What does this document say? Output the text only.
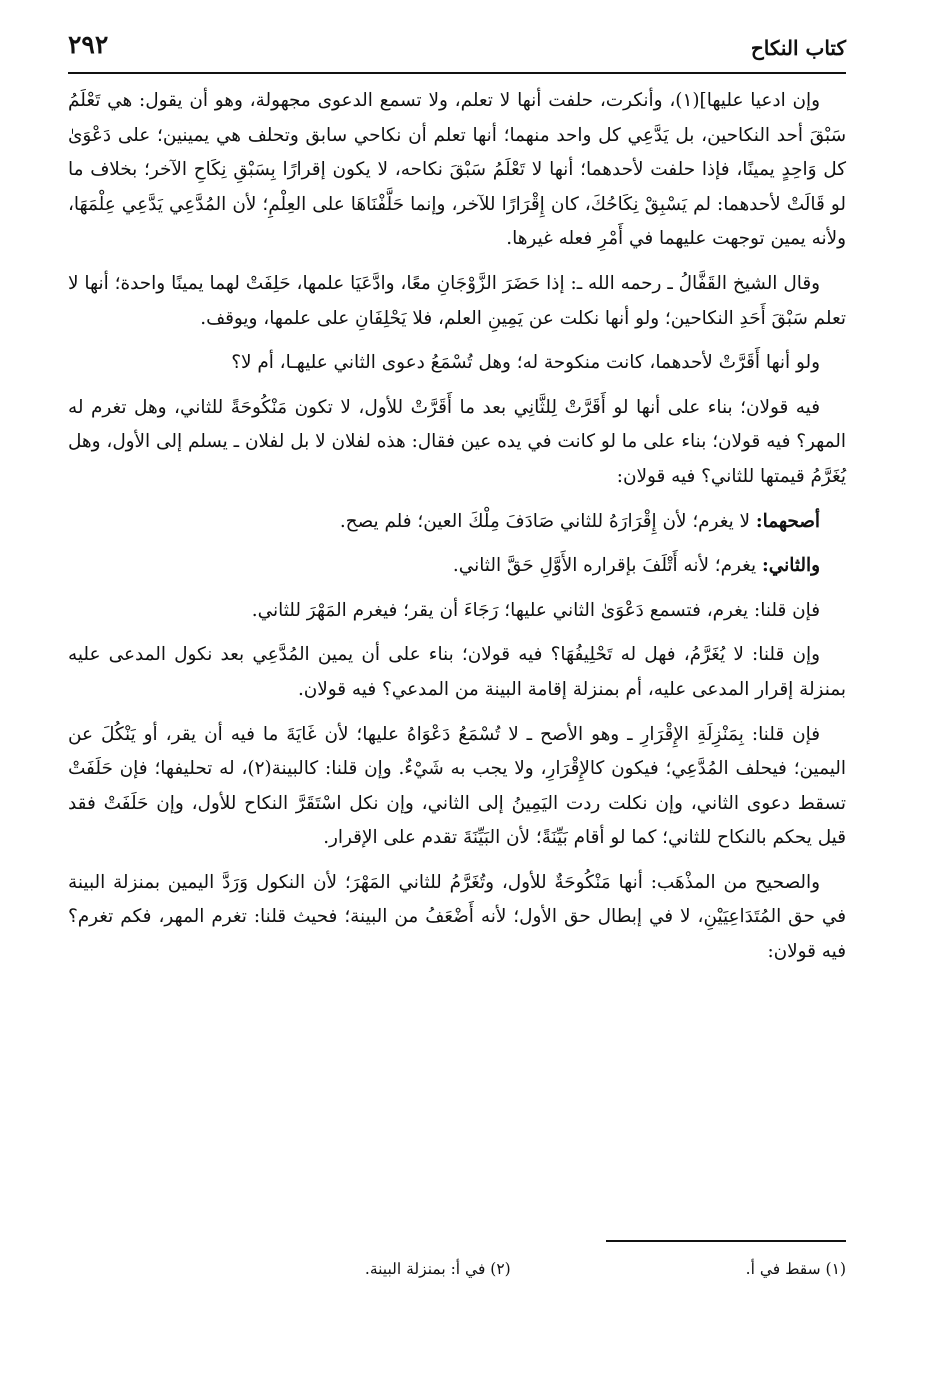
كتاب النكاح
٢٩٢

وإن ادعيا عليها](١)، وأنكرت، حلفت أنها لا تعلم، ولا تسمع الدعوى مجهولة، وهو أن يقول: هي تَعْلَمُ سَبْقَ أحد النكاحين، بل يَدَّعِي كل واحد منهما؛ أنها تعلم أن نكاحي سابق وتحلف هي يمينين؛ على دَعْوَىٰ كل وَاحِدٍ يمينًا، فإذا حلفت لأحدهما؛ أنها لا تَعْلَمُ سَبْقَ نكاحه، لا يكون إقرارًا بِسَبْقِ نِكَاحِ الآخر؛ بخلاف ما لو قَالَتْ لأحدهما: لم يَسْبِقْ نِكَاحُكَ، كان إِقْرَارًا للآخر، وإنما حَلَّفْنَاهَا على العِلْمِ؛ لأن المُدَّعِي يَدَّعِي عِلْمَهَا، ولأنه يمين توجهت عليهما في أَمْرِ فعله غيرها.

وقال الشيخ القَفَّالُ ـ رحمه الله ـ: إذا حَضَرَ الزَّوْجَانِ معًا، وادَّعَيَا علمها، حَلِفَتْ لهما يمينًا واحدة؛ أنها لا تعلم سَبْقَ أَحَدِ النكاحين؛ ولو أنها نكلت عن يَمِينِ العلم، فلا يَحْلِفَانِ على علمها، ويوقف.

ولو أنها أَقَرَّتْ لأحدهما، كانت منكوحة له؛ وهل تُسْمَعُ دعوى الثاني عليهـا، أم لا؟

فيه قولان؛ بناء على أنها لو أَقَرَّتْ لِلثَّانِي بعد ما أَقَرَّتْ للأول، لا تكون مَنْكُوحَةً للثاني، وهل تغرم له المهر؟ فيه قولان؛ بناء على ما لو كانت في يده عين فقال: هذه لفلان لا بل لفلان ـ يسلم إلى الأول، وهل يُغَرَّمُ قيمتها للثاني؟ فيه قولان:

أصحهما: لا يغرم؛ لأن إِقْرَارَهُ للثاني صَادَفَ مِلْكَ العين؛ فلم يصح.

والثاني: يغرم؛ لأنه أَتْلَفَ بإقراره الأَوَّلِ حَقَّ الثاني.

فإن قلنا: يغرم، فتسمع دَعْوَىٰ الثاني عليها؛ رَجَاءَ أن يقر؛ فيغرم المَهْرَ للثاني.

وإن قلنا: لا يُغَرَّمُ، فهل له تَحْلِيفُهَا؟ فيه قولان؛ بناء على أن يمين المُدَّعِي بعد نكول المدعى عليه بمنزلة إقرار المدعى عليه، أم بمنزلة إقامة البينة من المدعي؟ فيه قولان.

فإن قلنا: بِمَنْزِلَةِ الإِقْرَارِ ـ وهو الأصح ـ لا تُسْمَعُ دَعْوَاهُ عليها؛ لأن غَايَةَ ما فيه أن يقر، أو يَنْكُلَ عن اليمين؛ فيحلف المُدَّعِي؛ فيكون كالإِقْرَارِ، ولا يجب به شَيْءٌ. وإن قلنا: كالبينة(٢)، له تحليفها؛ فإن حَلَفَتْ تسقط دعوى الثاني، وإن نكلت ردت اليَمِينُ إلى الثاني، وإن نكل اسْتَقَرَّ النكاح للأول، وإن حَلَفَتْ فقد قيل يحكم بالنكاح للثاني؛ كما لو أقام بَيِّنَةً؛ لأن البَيِّنَةَ تقدم على الإقرار.

والصحيح من المذْهَب: أنها مَنْكُوحَةٌ للأول، وتُغَرَّمُ للثاني المَهْرَ؛ لأن النكول وَرَدَّ اليمين بمنزلة البينة في حق المُتَدَاعِيَيْنِ، لا في إبطال حق الأول؛ لأنه أَضْعَفُ من البينة؛ فحيث قلنا: تغرم المهر، فكم تغرم؟ فيه قولان:

(١) سقط في أ. (٢) في أ: بمنزلة البينة.
